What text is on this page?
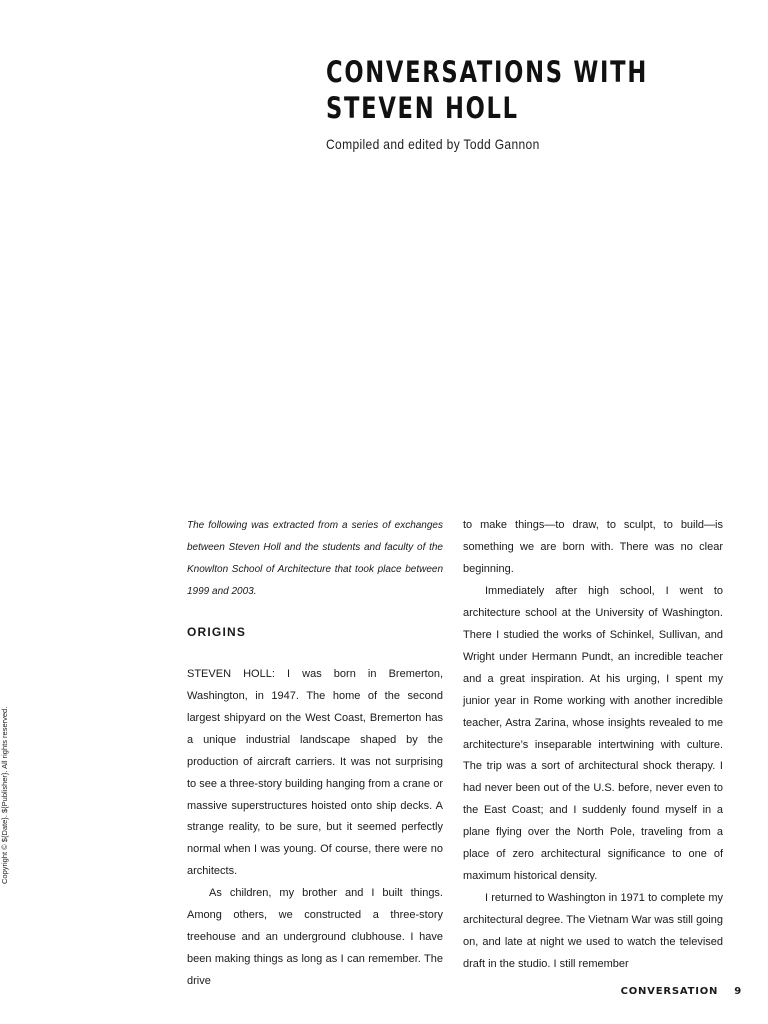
CONVERSATIONS WITH
STEVEN HOLL

Compiled and edited by Todd Gannon

The following was extracted from a series of exchanges between Steven Holl and the students and faculty of the Knowlton School of Architecture that took place between 1999 and 2003.

ORIGINS

STEVEN HOLL: I was born in Bremerton, Washington, in 1947. The home of the second largest shipyard on the West Coast, Bremerton has a unique industrial landscape shaped by the production of aircraft carriers. It was not surprising to see a three-story building hanging from a crane or massive superstructures hoisted onto ship decks. A strange reality, to be sure, but it seemed perfectly normal when I was young. Of course, there were no architects.

As children, my brother and I built things. Among others, we constructed a three-story treehouse and an underground clubhouse. I have been making things as long as I can remember. The drive

to make things—to draw, to sculpt, to build—is something we are born with. There was no clear beginning.

Immediately after high school, I went to architecture school at the University of Washington. There I studied the works of Schinkel, Sullivan, and Wright under Hermann Pundt, an incredible teacher and a great inspiration. At his urging, I spent my junior year in Rome working with another incredible teacher, Astra Zarina, whose insights revealed to me architecture’s inseparable intertwining with culture. The trip was a sort of architectural shock therapy. I had never been out of the U.S. before, never even to the East Coast; and I suddenly found myself in a plane flying over the North Pole, traveling from a place of zero architectural significance to one of maximum historical density.

I returned to Washington in 1971 to complete my architectural degree. The Vietnam War was still going on, and late at night we used to watch the televised draft in the studio. I still remember

Copyright © ${Date}. ${Publisher}. All rights reserved.
CONVERSATION 9
